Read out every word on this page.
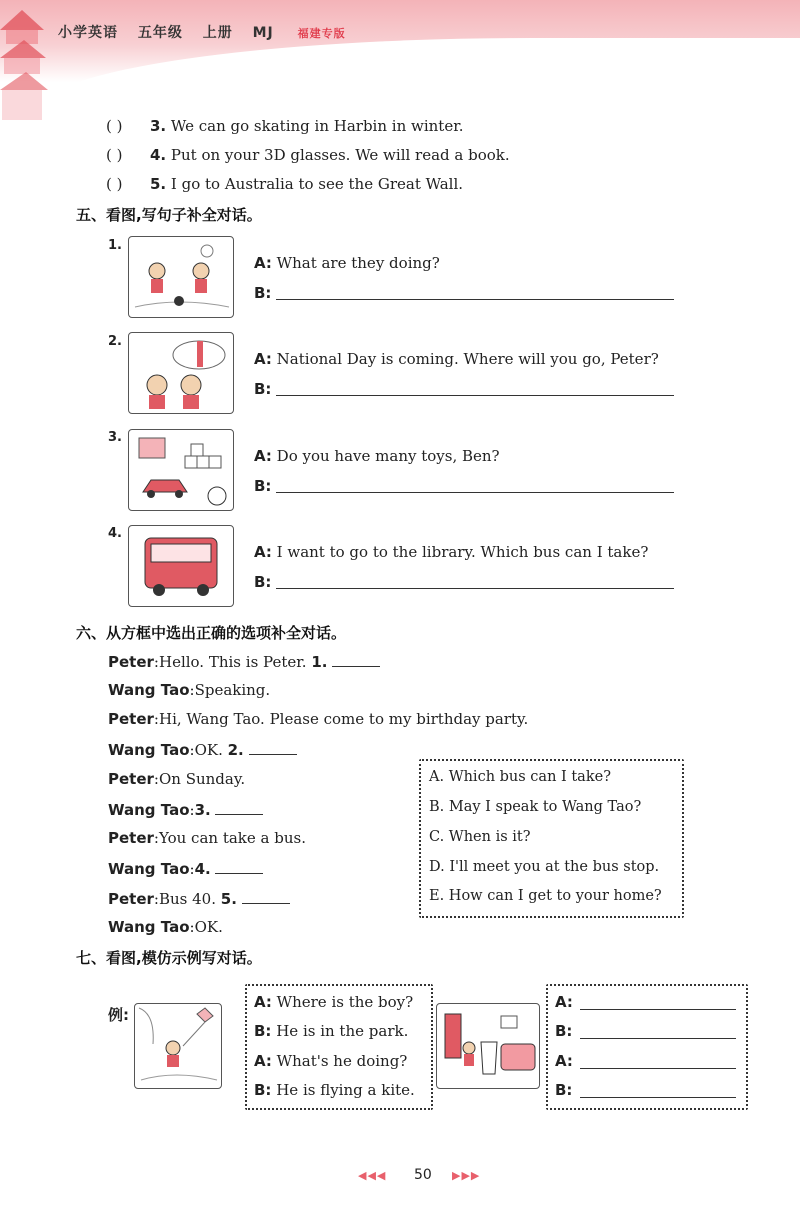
小学英语 五年级 上册 MJ 福建专版
( ) 3. We can go skating in Harbin in winter.
( ) 4. Put on your 3D glasses. We will read a book.
( ) 5. I go to Australia to see the Great Wall.
五、看图,写句子补全对话。
1.
A: What are they doing?
B:
2.
A: National Day is coming. Where will you go, Peter?
B:
3.
A: Do you have many toys, Ben?
B:
4.
A: I want to go to the library. Which bus can I take?
B:
六、从方框中选出正确的选项补全对话。
Peter:Hello. This is Peter. 1.
Wang Tao:Speaking.
Peter:Hi, Wang Tao. Please come to my birthday party.
Wang Tao:OK. 2.
Peter:On Sunday.
Wang Tao:3.
Peter:You can take a bus.
Wang Tao:4.
Peter:Bus 40. 5.
Wang Tao:OK.
A. Which bus can I take?
B. May I speak to Wang Tao?
C. When is it?
D. I'll meet you at the bus stop.
E. How can I get to your home?
七、看图,模仿示例写对话。
例:
A: Where is the boy?
B: He is in the park.
A: What's he doing?
B: He is flying a kite.
A:
B:
A:
B:
◀◀◀ 50 ▶▶▶
